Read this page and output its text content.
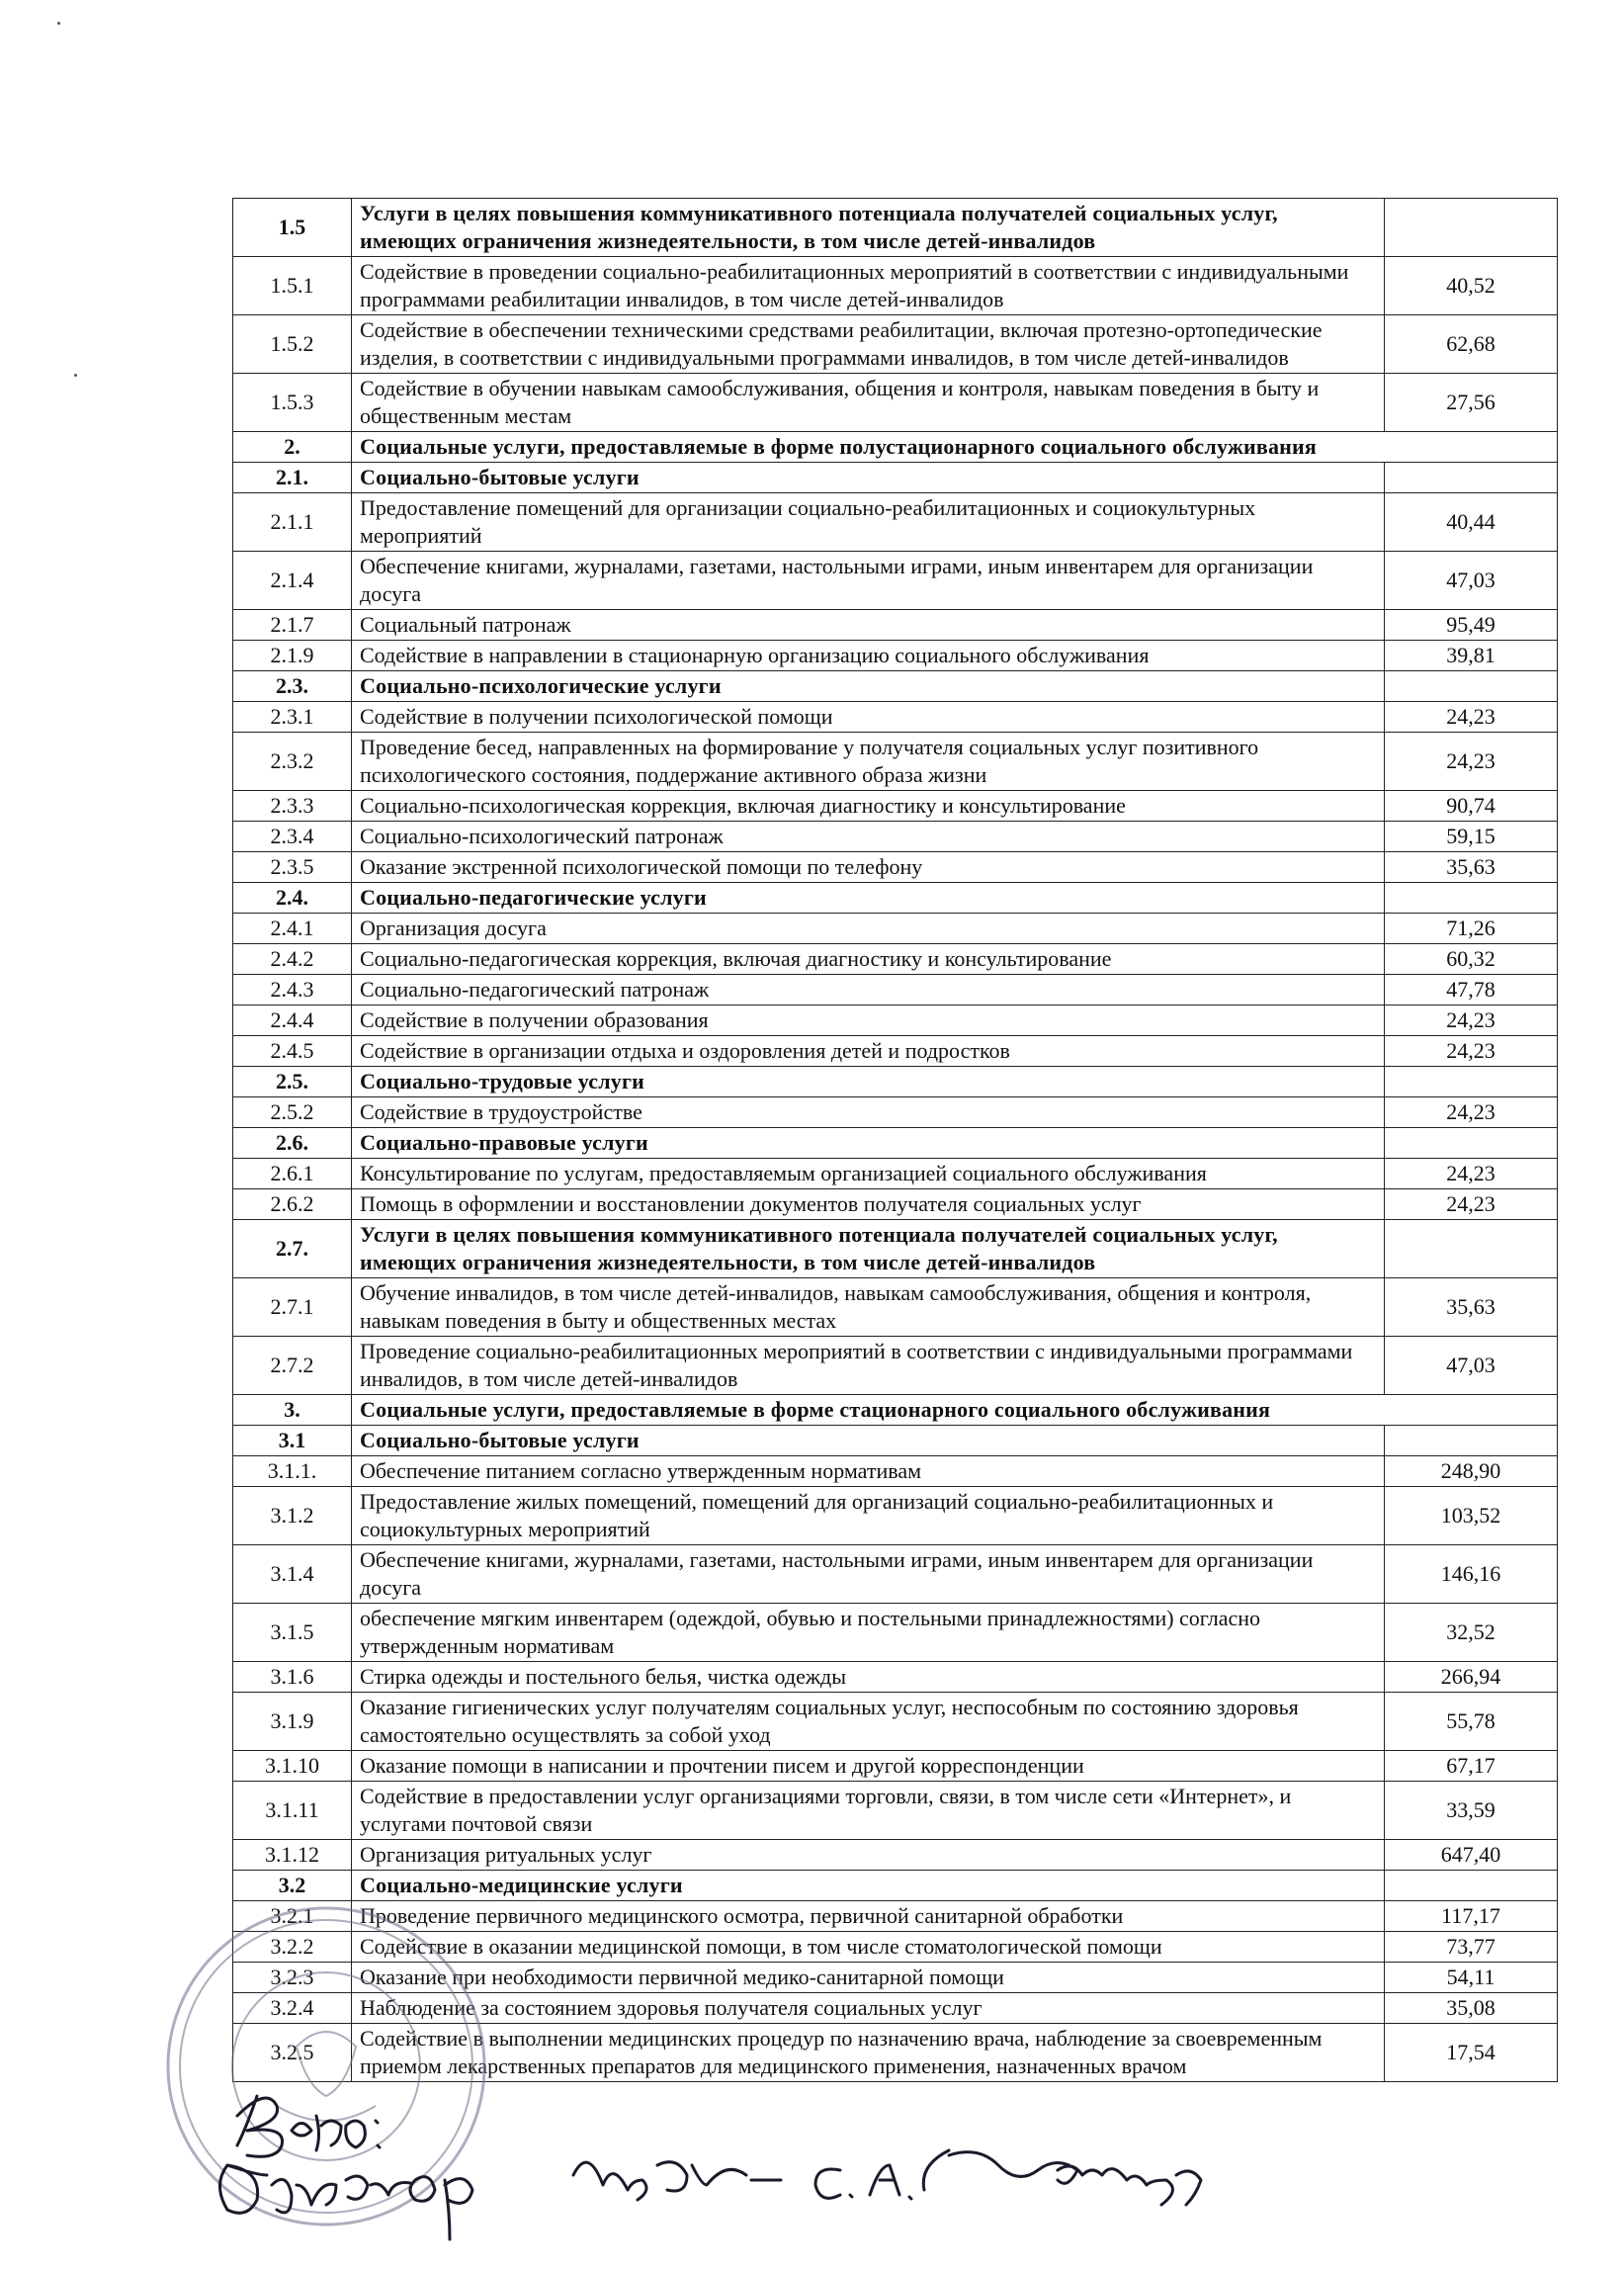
1.5	Услуги в целях повышения коммуникативного потенциала получателей социальных услуг, имеющих ограничения жизнедеятельности, в том числе детей-инвалидов	
1.5.1	Содействие в проведении социально-реабилитационных мероприятий в соответствии с индивидуальными программами реабилитации инвалидов, в том числе детей-инвалидов	40,52
1.5.2	Содействие в обеспечении техническими средствами реабилитации, включая протезно-ортопедические изделия, в соответствии с индивидуальными программами инвалидов, в том числе детей-инвалидов	62,68
1.5.3	Содействие в обучении навыкам самообслуживания, общения и контроля, навыкам поведения в быту и общественным местам	27,56
2.	Социальные услуги, предоставляемые в форме полустационарного социального обслуживания	
2.1.	Социально-бытовые услуги	
2.1.1	Предоставление помещений для организации социально-реабилитационных и социокультурных мероприятий	40,44
2.1.4	Обеспечение книгами, журналами, газетами, настольными играми, иным инвентарем для организации досуга	47,03
2.1.7	Социальный патронаж	95,49
2.1.9	Содействие в направлении в стационарную организацию социального обслуживания	39,81
2.3.	Социально-психологические услуги	
2.3.1	Содействие в получении психологической помощи	24,23
2.3.2	Проведение бесед, направленных на формирование у получателя социальных услуг позитивного психологического состояния, поддержание активного образа жизни	24,23
2.3.3	Социально-психологическая коррекция, включая диагностику и консультирование	90,74
2.3.4	Социально-психологический патронаж	59,15
2.3.5	Оказание экстренной психологической помощи по телефону	35,63
2.4.	Социально-педагогические услуги	
2.4.1	Организация досуга	71,26
2.4.2	Социально-педагогическая коррекция, включая диагностику и консультирование	60,32
2.4.3	Социально-педагогический патронаж	47,78
2.4.4	Содействие в получении образования	24,23
2.4.5	Содействие в организации отдыха и оздоровления детей и подростков	24,23
2.5.	Социально-трудовые услуги	
2.5.2	Содействие в трудоустройстве	24,23
2.6.	Социально-правовые услуги	
2.6.1	Консультирование по услугам, предоставляемым организацией социального обслуживания	24,23
2.6.2	Помощь в оформлении и восстановлении документов получателя социальных услуг	24,23
2.7.	Услуги в целях повышения коммуникативного потенциала получателей социальных услуг, имеющих ограничения жизнедеятельности, в том числе детей-инвалидов	
2.7.1	Обучение инвалидов, в том числе детей-инвалидов, навыкам самообслуживания, общения и контроля, навыкам поведения в быту и общественных местах	35,63
2.7.2	Проведение социально-реабилитационных мероприятий в соответствии с индивидуальными программами инвалидов, в том числе детей-инвалидов	47,03
3.	Социальные услуги, предоставляемые в форме стационарного социального обслуживания	
3.1	Социально-бытовые услуги	
3.1.1.	Обеспечение питанием согласно утвержденным нормативам	248,90
3.1.2	Предоставление жилых помещений, помещений для организаций социально-реабилитационных и социокультурных мероприятий	103,52
3.1.4	Обеспечение книгами, журналами, газетами, настольными играми, иным инвентарем для организации досуга	146,16
3.1.5	обеспечение мягким инвентарем (одеждой, обувью и постельными принадлежностями) согласно утвержденным нормативам	32,52
3.1.6	Стирка одежды и постельного белья, чистка одежды	266,94
3.1.9	Оказание гигиенических услуг получателям социальных услуг, неспособным по состоянию здоровья самостоятельно осуществлять за собой уход	55,78
3.1.10	Оказание помощи в написании и прочтении писем и другой корреспонденции	67,17
3.1.11	Содействие в предоставлении услуг организациями торговли, связи, в том числе сети «Интернет», и услугами почтовой связи	33,59
3.1.12	Организация ритуальных услуг	647,40
3.2	Социально-медицинские услуги	
3.2.1	Проведение первичного медицинского осмотра, первичной санитарной обработки	117,17
3.2.2	Содействие в оказании медицинской помощи, в том числе стоматологической помощи	73,77
3.2.3	Оказание при необходимости первичной медико-санитарной помощи	54,11
3.2.4	Наблюдение за состоянием здоровья получателя социальных услуг	35,08
3.2.5	Содействие в выполнении медицинских процедур по назначению врача, наблюдение за своевременным приемом лекарственных препаратов для медицинского применения, назначенных врачом	17,54
